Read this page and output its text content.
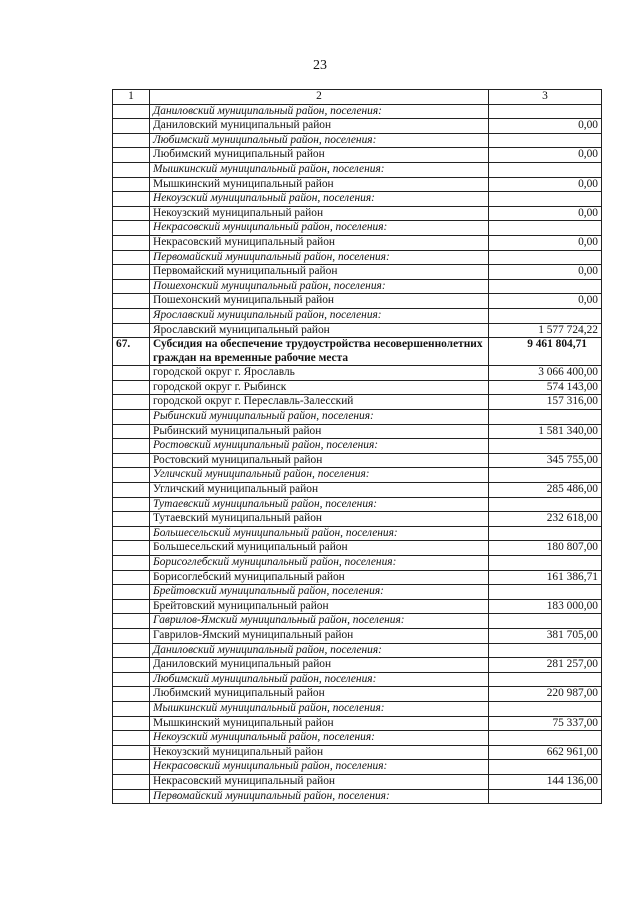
23
1	2	3
	Даниловский муниципальный район, поселения:	
	Даниловский муниципальный район	0,00
	Любимский муниципальный район, поселения:	
	Любимский муниципальный район	0,00
	Мышкинский муниципальный район, поселения:	
	Мышкинский муниципальный район	0,00
	Некоузский муниципальный район, поселения:	
	Некоузский муниципальный район	0,00
	Некрасовский муниципальный район, поселения:	
	Некрасовский муниципальный район	0,00
	Первомайский муниципальный район, поселения:	
	Первомайский муниципальный район	0,00
	Пошехонский муниципальный район, поселения:	
	Пошехонский муниципальный район	0,00
	Ярославский муниципальный район, поселения:	
	Ярославский муниципальный район	1 577 724,22
67.	Субсидия на обеспечение трудоустройства несовершеннолетних граждан на временные рабочие места	9 461 804,71
	городской округ г. Ярославль	3 066 400,00
	городской округ г. Рыбинск	574 143,00
	городской округ г. Переславль-Залесский	157 316,00
	Рыбинский муниципальный район, поселения:	
	Рыбинский муниципальный район	1 581 340,00
	Ростовский муниципальный район, поселения:	
	Ростовский муниципальный район	345 755,00
	Угличский муниципальный район, поселения:	
	Угличский муниципальный район	285 486,00
	Тутаевский муниципальный район, поселения:	
	Тутаевский муниципальный район	232 618,00
	Большесельский муниципальный район, поселения:	
	Большесельский муниципальный район	180 807,00
	Борисоглебский муниципальный район, поселения:	
	Борисоглебский муниципальный район	161 386,71
	Брейтовский муниципальный район, поселения:	
	Брейтовский муниципальный район	183 000,00
	Гаврилов-Ямский муниципальный район, поселения:	
	Гаврилов-Ямский муниципальный район	381 705,00
	Даниловский муниципальный район, поселения:	
	Даниловский муниципальный район	281 257,00
	Любимский муниципальный район, поселения:	
	Любимский муниципальный район	220 987,00
	Мышкинский муниципальный район, поселения:	
	Мышкинский муниципальный район	75 337,00
	Некоузский муниципальный район, поселения:	
	Некоузский муниципальный район	662 961,00
	Некрасовский муниципальный район, поселения:	
	Некрасовский муниципальный район	144 136,00
	Первомайский муниципальный район, поселения:	
